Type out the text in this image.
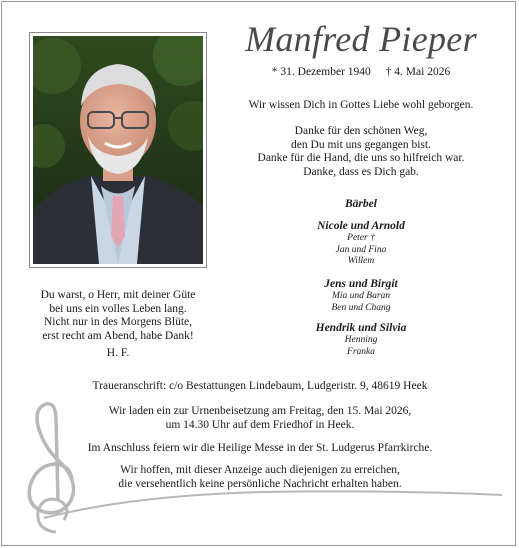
Manfred Pieper
* 31. Dezember 1940 † 4. Mai 2026
Wir wissen Dich in Gottes Liebe wohl geborgen.
Danke für den schönen Weg,
den Du mit uns gegangen bist.
Danke für die Hand, die uns so hilfreich war.
Danke, dass es Dich gab.
Bärbel
Nicole und Arnold
Peter †
Jan und Fina
Willem
Jens und Birgit
Mia und Baran
Ben und Chang
Hendrik und Silvia
Henning
Franka
Du warst, o Herr, mit deiner Güte
bei uns ein volles Leben lang.
Nicht nur in des Morgens Blüte,
erst recht am Abend, habe Dank!
H. F.
Traueranschrift: c/o Bestattungen Lindebaum, Ludgeristr. 9, 48619 Heek
Wir laden ein zur Urnenbeisetzung am Freitag, den 15. Mai 2026,
um 14.30 Uhr auf dem Friedhof in Heek.
Im Anschluss feiern wir die Heilige Messe in der St. Ludgerus Pfarrkirche.
Wir hoffen, mit dieser Anzeige auch diejenigen zu erreichen,
die versehentlich keine persönliche Nachricht erhalten haben.
